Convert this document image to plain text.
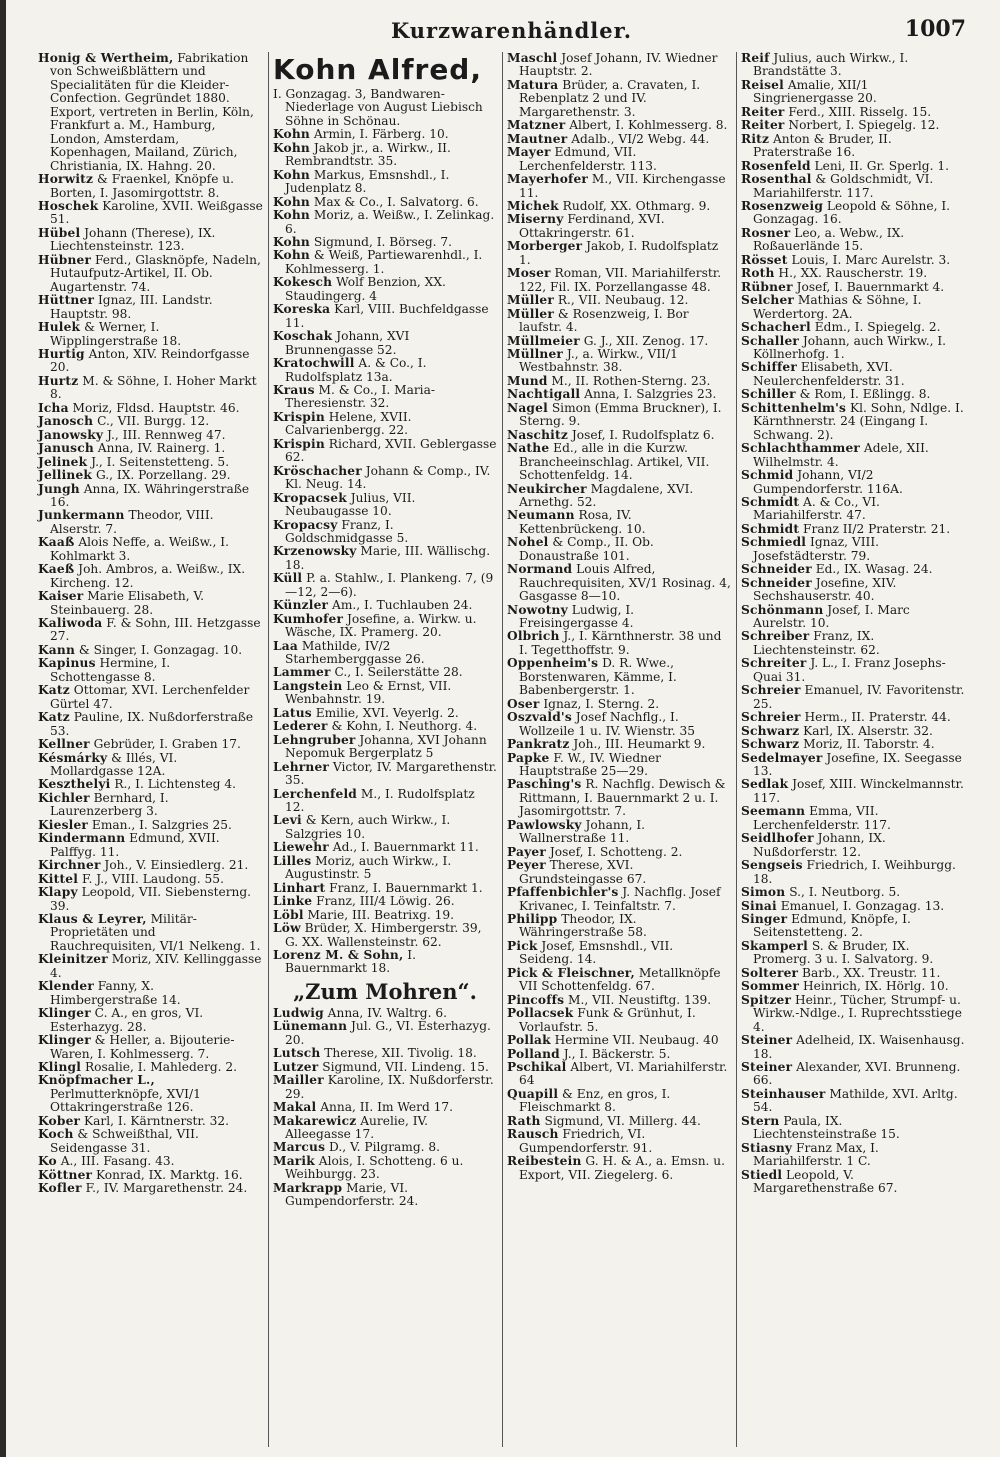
Kurzwarenhändler.	1007

Honig & Wertheim, Fabrikation von Schweißblättern und Specialitäten für die Kleider-Confection. Gegründet 1880. Export, vertreten in Berlin, Köln, Frankfurt a. M., Hamburg, London, Amsterdam, Kopenhagen, Mailand, Zürich, Christiania, IX. Hahng. 20.

Horwitz & Fraenkel, Knöpfe u. Borten, I. Jasomirgottstr. 8.

Hoschek Karoline, XVII. Weißgasse 51.

Hübel Johann (Therese), IX. Liechtensteinstr. 123.

Hübner Ferd., Glasknöpfe, Nadeln, Hutaufputz-Artikel, II. Ob. Augartenstr. 74.

Hüttner Ignaz, III. Landstr. Hauptstr. 98.

Hulek & Werner, I. Wipplingerstraße 18.

Hurtig Anton, XIV. Reindorfgasse 20.

Hurtz M. & Söhne, I. Hoher Markt 8.

Icha Moriz, Fldsd. Hauptstr. 46.

Janosch C., VII. Burgg. 12.

Janowsky J., III. Rennweg 47.

Janusch Anna, IV. Rainerg. 1.

Jelinek J., I. Seitenstetteng. 5.

Jellinek G., IX. Porzellang. 29.

Jungh Anna, IX. Währingerstraße 16.

Junkermann Theodor, VIII. Alserstr. 7.

Kaaß Alois Neffe, a. Weißw., I. Kohlmarkt 3.

Kaeß Joh. Ambros, a. Weißw., IX. Kircheng. 12.

Kaiser Marie Elisabeth, V. Steinbauerg. 28.

Kaliwoda F. & Sohn, III. Hetzgasse 27.

Kann & Singer, I. Gonzagag. 10.

Kapinus Hermine, I. Schottengasse 8.

Katz Ottomar, XVI. Lerchenfelder Gürtel 47.

Katz Pauline, IX. Nußdorferstraße 53.

Kellner Gebrüder, I. Graben 17.

Késmárky & Illés, VI. Mollardgasse 12A.

Keszthelyi R., I. Lichtensteg 4.

Kichler Bernhard, I. Laurenzerberg 3.

Kiesler Eman., I. Salzgries 25.

Kindermann Edmund, XVII. Palffyg. 11.

Kirchner Joh., V. Einsiedlerg. 21.

Kittel F. J., VIII. Laudong. 55.

Klapy Leopold, VII. Siebensterng. 39.

Klaus & Leyrer, Militär-Proprietäten und Rauchrequisiten, VI/1 Nelkeng. 1.

Kleinitzer Moriz, XIV. Kellinggasse 4.

Klender Fanny, X. Himbergerstraße 14.

Klinger C. A., en gros, VI. Esterhazyg. 28.

Klinger & Heller, a. Bijouterie-Waren, I. Kohlmesserg. 7.

Klingl Rosalie, I. Mahlederg. 2.

Knöpfmacher L., Perlmutterknöpfe, XVI/1 Ottakringerstraße 126.

Kober Karl, I. Kärntnerstr. 32.

Koch & Schweißthal, VII. Seidengasse 31.

Ko A., III. Fasang. 43.

Köttner Konrad, IX. Marktg. 16.

Kofler F., IV. Margarethenstr. 24.

Kohn Alfred,

I. Gonzagag. 3, Bandwaren-Niederlage von August Liebisch Söhne in Schönau.

Kohn Armin, I. Färberg. 10.

Kohn Jakob jr., a. Wirkw., II. Rembrandtstr. 35.

Kohn Markus, Emsnshdl., I. Judenplatz 8.

Kohn Max & Co., I. Salvatorg. 6.

Kohn Moriz, a. Weißw., I. Zelinkag. 6.

Kohn Sigmund, I. Börseg. 7.

Kohn & Weiß, Partiewarenhdl., I. Kohlmesserg. 1.

Kokesch Wolf Benzion, XX. Staudingerg. 4

Koreska Karl, VIII. Buchfeldgasse 11.

Koschak Johann, XVI Brunnengasse 52.

Kratochwill A. & Co., I. Rudolfsplatz 13a.

Kraus M. & Co., I. Maria-Theresienstr. 32.

Krispin Helene, XVII. Calvarienbergg. 22.

Krispin Richard, XVII. Geblergasse 62.

Kröschacher Johann & Comp., IV. Kl. Neug. 14.

Kropacsek Julius, VII. Neubaugasse 10.

Kropacsy Franz, I. Goldschmidgasse 5.

Krzenowsky Marie, III. Wällischg. 18.

Küll P. a. Stahlw., I. Plankeng. 7, (9—12, 2—6).

Künzler Am., I. Tuchlauben 24.

Kumhofer Josefine, a. Wirkw. u. Wäsche, IX. Pramerg. 20.

Laa Mathilde, IV/2 Starhemberggasse 26.

Lammer C., I. Seilerstätte 28.

Langstein Leo & Ernst, VII. Wenbahnstr. 19.

Latus Emilie, XVI. Veyerlg. 2.

Lederer & Kohn, I. Neuthorg. 4.

Lehngruber Johanna, XVI Johann Nepomuk Bergerplatz 5

Lehrner Victor, IV. Margarethenstr. 35.

Lerchenfeld M., I. Rudolfsplatz 12.

Levi & Kern, auch Wirkw., I. Salzgries 10.

Liewehr Ad., I. Bauernmarkt 11.

Lilles Moriz, auch Wirkw., I. Augustinstr. 5

Linhart Franz, I. Bauernmarkt 1.

Linke Franz, III/4 Löwig. 26.

Löbl Marie, III. Beatrixg. 19.

Löw Brüder, X. Himbergerstr. 39, G. XX. Wallensteinstr. 62.

Lorenz M. & Sohn, I. Bauernmarkt 18.

„Zum Mohren“.

Ludwig Anna, IV. Waltrg. 6.

Lünemann Jul. G., VI. Esterhazyg. 20.

Lutsch Therese, XII. Tivolig. 18.

Lutzer Sigmund, VII. Lindeng. 15.

Mailler Karoline, IX. Nußdorferstr. 29.

Makal Anna, II. Im Werd 17.

Makarewicz Aurelie, IV. Alleegasse 17.

Marcus D., V. Pilgramg. 8.

Marik Alois, I. Schotteng. 6 u. Weihburgg. 23.

Markrapp Marie, VI. Gumpendorferstr. 24.

Maschl Josef Johann, IV. Wiedner Hauptstr. 2.

Matura Brüder, a. Cravaten, I. Rebenplatz 2 und IV. Margarethenstr. 3.

Matzner Albert, I. Kohlmesserg. 8.

Mautner Adalb., VI/2 Webg. 44.

Mayer Edmund, VII. Lerchenfelderstr. 113.

Mayerhofer M., VII. Kirchengasse 11.

Michek Rudolf, XX. Othmarg. 9.

Miserny Ferdinand, XVI. Ottakringerstr. 61.

Morberger Jakob, I. Rudolfsplatz 1.

Moser Roman, VII. Mariahilferstr. 122, Fil. IX. Porzellangasse 48.

Müller R., VII. Neubaug. 12.

Müller & Rosenzweig, I. Bor laufstr. 4.

Müllmeier G. J., XII. Zenog. 17.

Müllner J., a. Wirkw., VII/1 Westbahnstr. 38.

Mund M., II. Rothen-Sterng. 23.

Nachtigall Anna, I. Salzgries 23.

Nagel Simon (Emma Bruckner), I. Sterng. 9.

Naschitz Josef, I. Rudolfsplatz 6.

Nathe Ed., alle in die Kurzw. Brancheeinschlag. Artikel, VII. Schottenfeldg. 14.

Neukircher Magdalene, XVI. Arnethg. 52.

Neumann Rosa, IV. Kettenbrückeng. 10.

Nohel & Comp., II. Ob. Donaustraße 101.

Normand Louis Alfred, Rauchrequisiten, XV/1 Rosinag. 4, Gasgasse 8—10.

Nowotny Ludwig, I. Freisingergasse 4.

Olbrich J., I. Kärnthnerstr. 38 und I. Tegetthoffstr. 9.

Oppenheim's D. R. Wwe., Borstenwaren, Kämme, I. Babenbergerstr. 1.

Oser Ignaz, I. Sterng. 2.

Oszvald's Josef Nachflg., I. Wollzeile 1 u. IV. Wienstr. 35

Pankratz Joh., III. Heumarkt 9.

Papke F. W., IV. Wiedner Hauptstraße 25—29.

Pasching's R. Nachflg. Dewisch & Rittmann, I. Bauernmarkt 2 u. I. Jasomirgottstr. 7.

Pawlowsky Johann, I. Wallnerstraße 11.

Payer Josef, I. Schotteng. 2.

Peyer Therese, XVI. Grundsteingasse 67.

Pfaffenbichler's J. Nachflg. Josef Krivanec, I. Teinfaltstr. 7.

Philipp Theodor, IX. Währingerstraße 58.

Pick Josef, Emsnshdl., VII. Seideng. 14.

Pick & Fleischner, Metallknöpfe VII Schottenfeldg. 67.

Pincoffs M., VII. Neustiftg. 139.

Pollacsek Funk & Grünhut, I. Vorlaufstr. 5.

Pollak Hermine VII. Neubaug. 40

Polland J., I. Bäckerstr. 5.

Pschikal Albert, VI. Mariahilferstr. 64

Quapill & Enz, en gros, I. Fleischmarkt 8.

Rath Sigmund, VI. Millerg. 44.

Rausch Friedrich, VI. Gumpendorferstr. 91.

Reibestein G. H. & A., a. Emsn. u. Export, VII. Ziegelerg. 6.

Reif Julius, auch Wirkw., I. Brandstätte 3.

Reisel Amalie, XII/1 Singrienergasse 20.

Reiter Ferd., XIII. Risselg. 15.

Reiter Norbert, I. Spiegelg. 12.

Ritz Anton & Bruder, II. Praterstraße 16.

Rosenfeld Leni, II. Gr. Sperlg. 1.

Rosenthal & Goldschmidt, VI. Mariahilferstr. 117.

Rosenzweig Leopold & Söhne, I. Gonzagag. 16.

Rosner Leo, a. Webw., IX. Roßauerlände 15.

Rösset Louis, I. Marc Aurelstr. 3.

Roth H., XX. Rauscherstr. 19.

Rübner Josef, I. Bauernmarkt 4.

Selcher Mathias & Söhne, I. Werdertorg. 2A.

Schacherl Edm., I. Spiegelg. 2.

Schaller Johann, auch Wirkw., I. Köllnerhofg. 1.

Schiffer Elisabeth, XVI. Neulerchenfelderstr. 31.

Schiller & Rom, I. Eßlingg. 8.

Schittenhelm's Kl. Sohn, Ndlge. I. Kärnthnerstr. 24 (Eingang I. Schwang. 2).

Schlachthammer Adele, XII. Wilhelmstr. 4.

Schmid Johann, VI/2 Gumpendorferstr. 116A.

Schmidt A. & Co., VI. Mariahilferstr. 47.

Schmidt Franz II/2 Praterstr. 21.

Schmiedl Ignaz, VIII. Josefstädterstr. 79.

Schneider Ed., IX. Wasag. 24.

Schneider Josefine, XIV. Sechshauserstr. 40.

Schönmann Josef, I. Marc Aurelstr. 10.

Schreiber Franz, IX. Liechtensteinstr. 62.

Schreiter J. L., I. Franz Josephs-Quai 31.

Schreier Emanuel, IV. Favoritenstr. 25.

Schreier Herm., II. Praterstr. 44.

Schwarz Karl, IX. Alserstr. 32.

Schwarz Moriz, II. Taborstr. 4.

Sedelmayer Josefine, IX. Seegasse 13.

Sedlak Josef, XIII. Winckelmannstr. 117.

Seemann Emma, VII. Lerchenfelderstr. 117.

Seidlhofer Johann, IX. Nußdorferstr. 12.

Sengseis Friedrich, I. Weihburgg. 18.

Simon S., I. Neutborg. 5.

Sinai Emanuel, I. Gonzagag. 13.

Singer Edmund, Knöpfe, I. Seitenstetteng. 2.

Skamperl S. & Bruder, IX. Promerg. 3 u. I. Salvatorg. 9.

Solterer Barb., XX. Treustr. 11.

Sommer Heinrich, IX. Hörlg. 10.

Spitzer Heinr., Tücher, Strumpf- u. Wirkw.-Ndlge., I. Ruprechtsstiege 4.

Steiner Adelheid, IX. Waisenhausg. 18.

Steiner Alexander, XVI. Brunneng. 66.

Steinhauser Mathilde, XVI. Arltg. 54.

Stern Paula, IX. Liechtensteinstraße 15.

Stiasny Franz Max, I. Mariahilferstr. 1 C.

Stiedl Leopold, V. Margarethenstraße 67.
